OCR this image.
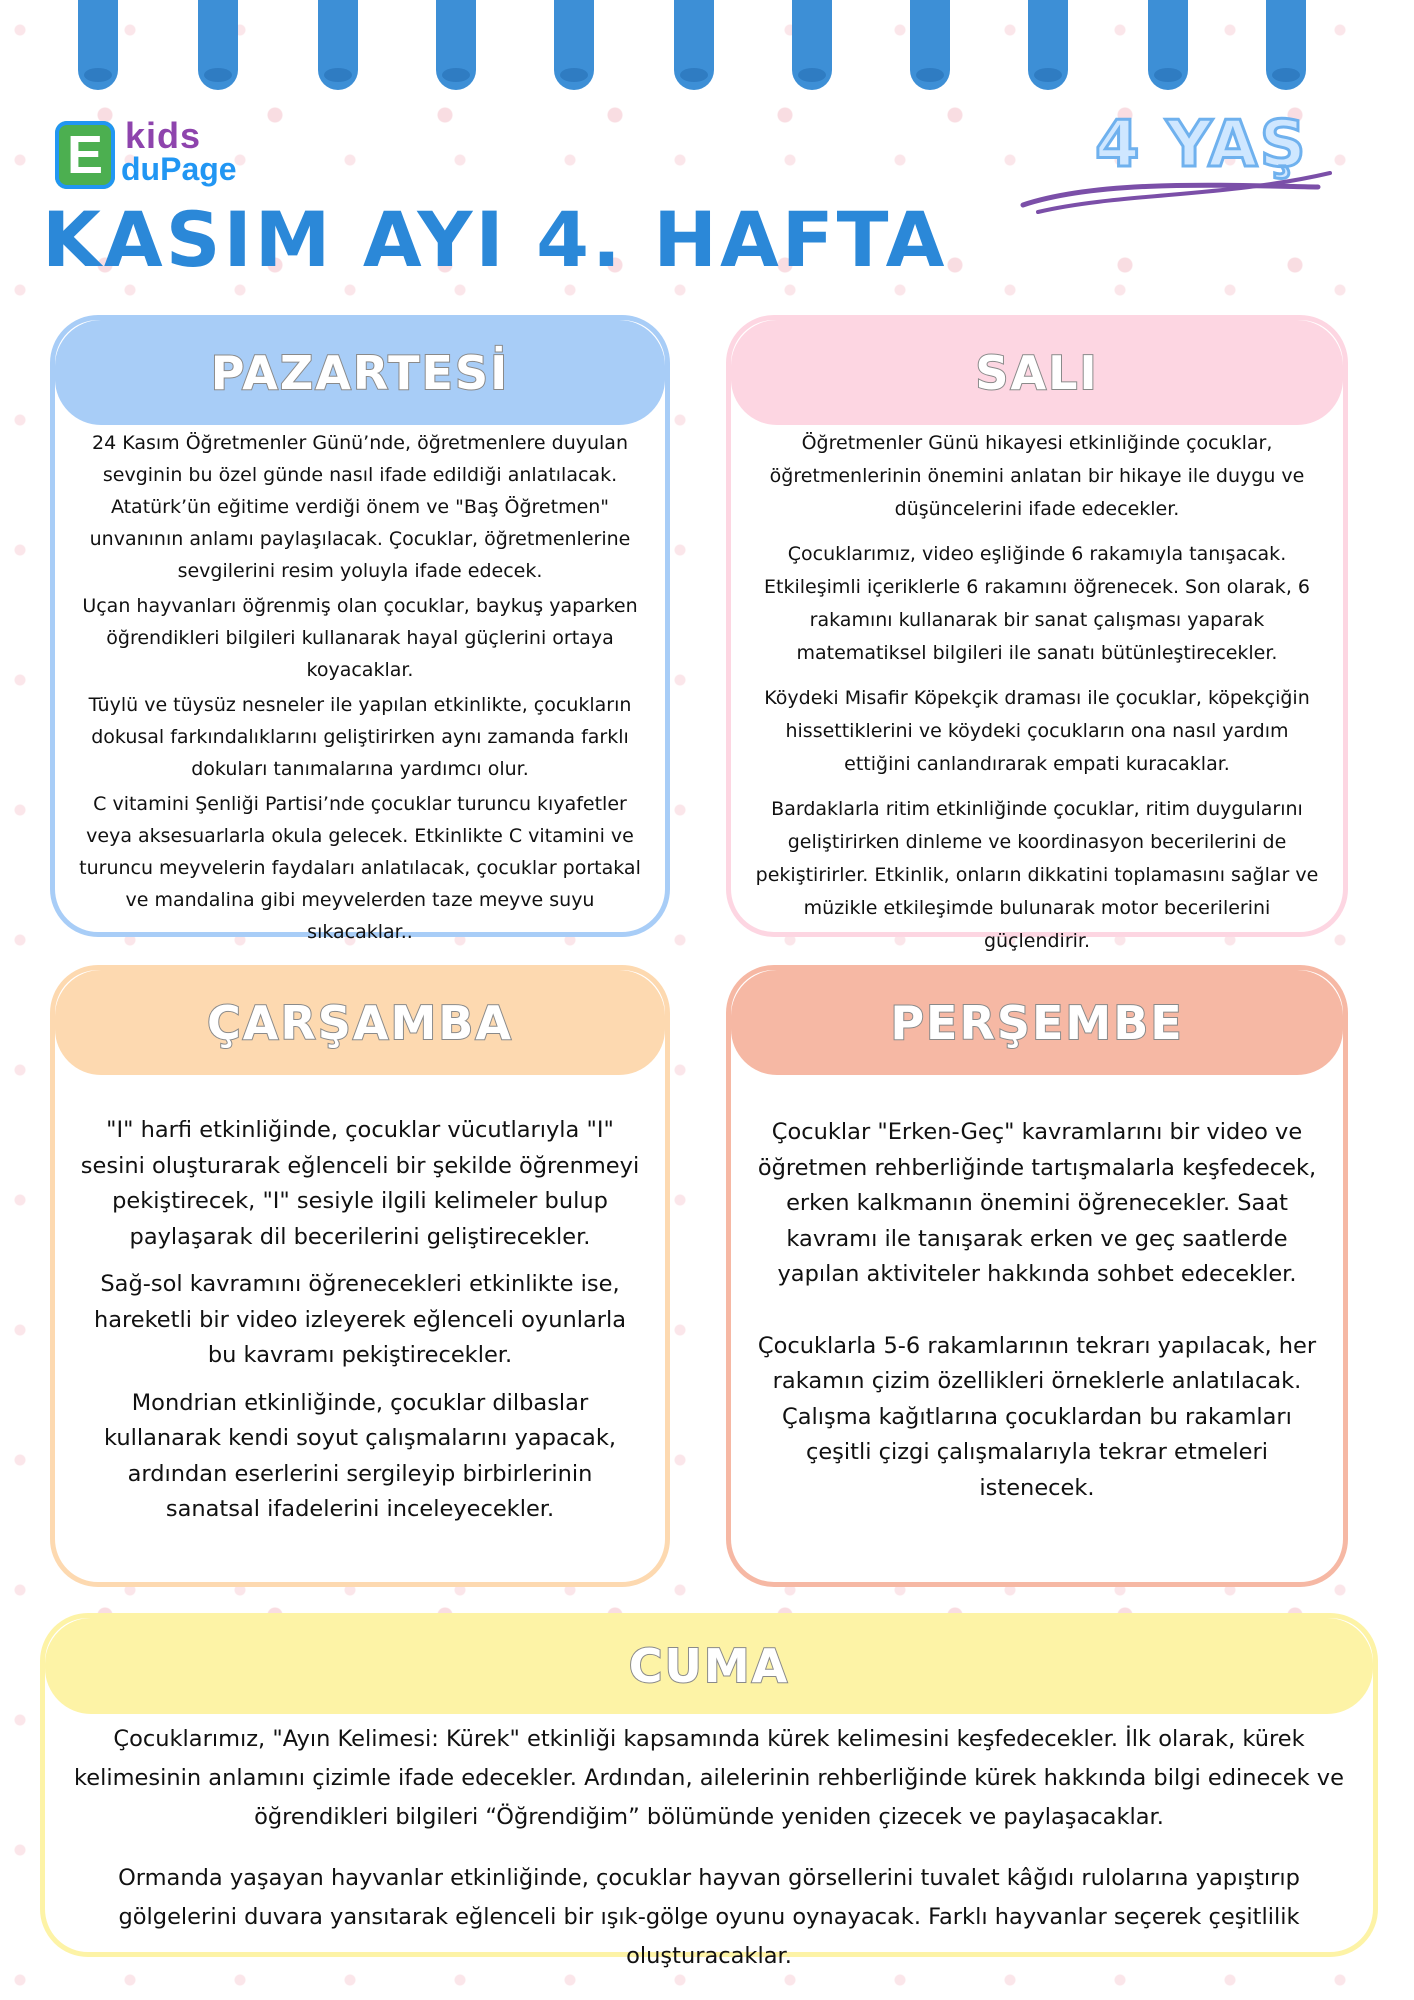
E kids
duPage	4 YAŞ
KASIM AYI 4. HAFTA
PAZARTESİ

24 Kasım Öğretmenler Günü’nde, öğretmenlere duyulan sevginin bu özel günde nasıl ifade edildiği anlatılacak. Atatürk’ün eğitime verdiği önem ve "Baş Öğretmen" unvanının anlamı paylaşılacak. Çocuklar, öğretmenlerine sevgilerini resim yoluyla ifade edecek.

Uçan hayvanları öğrenmiş olan çocuklar, baykuş yaparken öğrendikleri bilgileri kullanarak hayal güçlerini ortaya koyacaklar.

Tüylü ve tüysüz nesneler ile yapılan etkinlikte, çocukların dokusal farkındalıklarını geliştirirken aynı zamanda farklı dokuları tanımalarına yardımcı olur.

C vitamini Şenliği Partisi’nde çocuklar turuncu kıyafetler veya aksesuarlarla okula gelecek. Etkinlikte C vitamini ve turuncu meyvelerin faydaları anlatılacak, çocuklar portakal ve mandalina gibi meyvelerden taze meyve suyu sıkacaklar..

SALI

Öğretmenler Günü hikayesi etkinliğinde çocuklar, öğretmenlerinin önemini anlatan bir hikaye ile duygu ve düşüncelerini ifade edecekler.

Çocuklarımız, video eşliğinde 6 rakamıyla tanışacak. Etkileşimli içeriklerle 6 rakamını öğrenecek. Son olarak, 6 rakamını kullanarak bir sanat çalışması yaparak matematiksel bilgileri ile sanatı bütünleştirecekler.

Köydeki Misafir Köpekçik draması ile çocuklar, köpekçiğin hissettiklerini ve köydeki çocukların ona nasıl yardım ettiğini canlandırarak empati kuracaklar.

Bardaklarla ritim etkinliğinde çocuklar, ritim duygularını geliştirirken dinleme ve koordinasyon becerilerini de pekiştirirler. Etkinlik, onların dikkatini toplamasını sağlar ve müzikle etkileşimde bulunarak motor becerilerini güçlendirir.

ÇARŞAMBA

"I" harfi etkinliğinde, çocuklar vücutlarıyla "I" sesini oluşturarak eğlenceli bir şekilde öğrenmeyi pekiştirecek, "I" sesiyle ilgili kelimeler bulup paylaşarak dil becerilerini geliştirecekler.

Sağ-sol kavramını öğrenecekleri etkinlikte ise, hareketli bir video izleyerek eğlenceli oyunlarla bu kavramı pekiştirecekler.

Mondrian etkinliğinde, çocuklar dilbaslar kullanarak kendi soyut çalışmalarını yapacak, ardından eserlerini sergileyip birbirlerinin sanatsal ifadelerini inceleyecekler.

PERŞEMBE

Çocuklar "Erken-Geç" kavramlarını bir video ve öğretmen rehberliğinde tartışmalarla keşfedecek, erken kalkmanın önemini öğrenecekler. Saat kavramı ile tanışarak erken ve geç saatlerde yapılan aktiviteler hakkında sohbet edecekler.

Çocuklarla 5-6 rakamlarının tekrarı yapılacak, her rakamın çizim özellikleri örneklerle anlatılacak. Çalışma kağıtlarına çocuklardan bu rakamları çeşitli çizgi çalışmalarıyla tekrar etmeleri istenecek.

CUMA

Çocuklarımız, "Ayın Kelimesi: Kürek" etkinliği kapsamında kürek kelimesini keşfedecekler. İlk olarak, kürek kelimesinin anlamını çizimle ifade edecekler. Ardından, ailelerinin rehberliğinde kürek hakkında bilgi edinecek ve öğrendikleri bilgileri “Öğrendiğim” bölümünde yeniden çizecek ve paylaşacaklar.

Ormanda yaşayan hayvanlar etkinliğinde, çocuklar hayvan görsellerini tuvalet kâğıdı rulolarına yapıştırıp gölgelerini duvara yansıtarak eğlenceli bir ışık-gölge oyunu oynayacak. Farklı hayvanlar seçerek çeşitlilik oluşturacaklar.
